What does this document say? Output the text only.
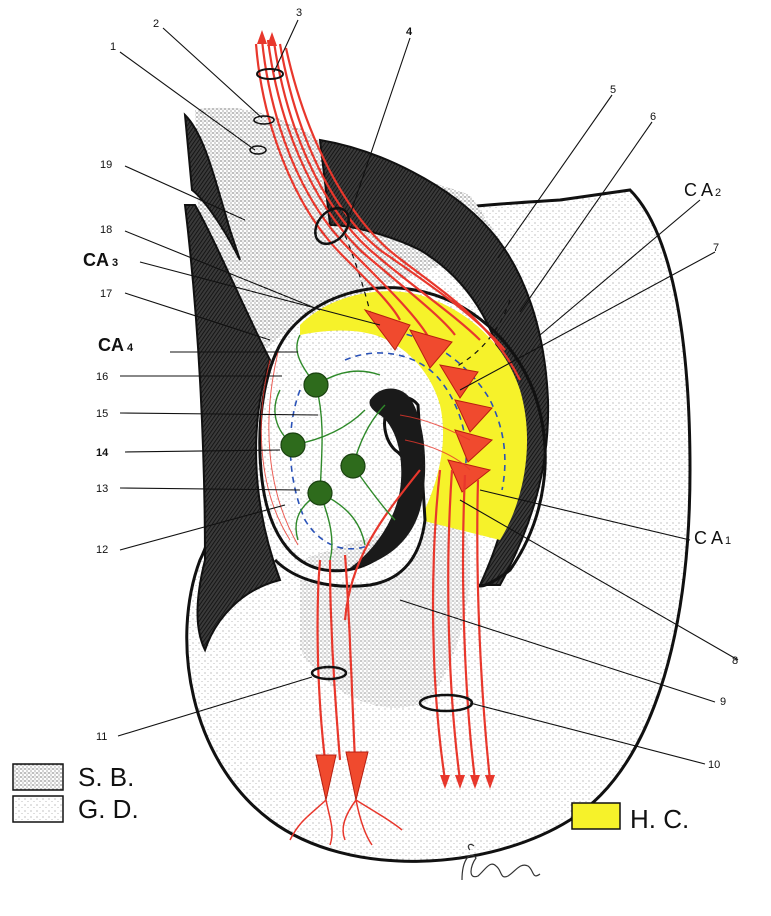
1
2
3
4
5
6
7
8
9
10
11
12
13
14
15
16
17
18
19
CA 3
CA 4
C A 2
C A 1
S. B.
G. D.	H. C.
